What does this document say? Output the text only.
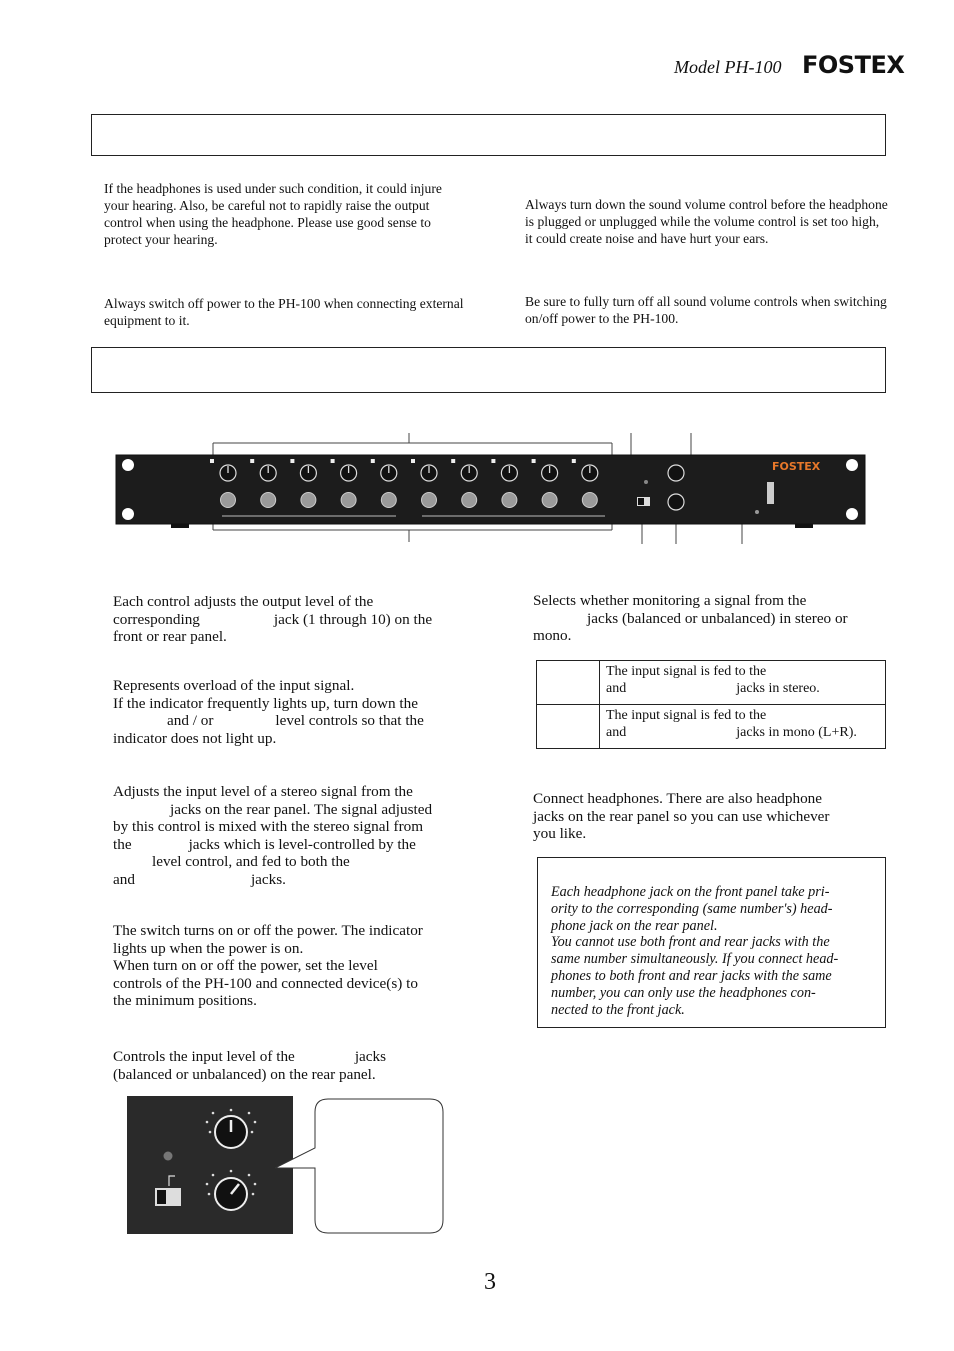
Model PH-100 FOSTEX
If the headphones is used under such condition, it could injure your hearing. Also, be careful not to rapidly raise the output control when using the headphone. Please use good sense to protect your hearing.
Always switch off power to the PH-100 when connecting external equipment to it.
Always turn down the sound volume control before the headphone is plugged or unplugged while the volume control is set too high, it could create noise and have hurt your ears.
Be sure to fully turn off all sound volume controls when switching on/off power to the PH-100.
FOSTEX
Each control adjusts the output level of the
corresponding	jack (1 through 10) on the
front or rear panel.
Represents overload of the input signal.
If the indicator frequently lights up, turn down the
and / or	level controls so that the
indicator does not light up.
Adjusts the input level of a stereo signal from the
jacks on the rear panel. The signal adjusted
by this control is mixed with the stereo signal from
the	jacks which is level-controlled by the
level control, and fed to both the
and	jacks.
The switch turns on or off the power. The indicator
lights up when the power is on.
When turn on or off the power, set the level
controls of the PH-100 and connected device(s) to
the minimum positions.
Controls the input level of the	jacks
(balanced or unbalanced) on the rear panel.
Selects whether monitoring a signal from the
jacks (balanced or unbalanced) in stereo or
mono.

	The input signal is fed to the
and jacks in stereo.

	The input signal is fed to the
and jacks in mono (L+R).
Connect headphones. There are also headphone
jacks on the rear panel so you can use whichever
you like.
Each headphone jack on the front panel take pri-
ority to the corresponding (same number's) head-
phone jack on the rear panel.
You cannot use both front and rear jacks with the
same number simultaneously. If you connect head-
phones to both front and rear jacks with the same
number, you can only use the headphones con-
nected to the front jack.
3
